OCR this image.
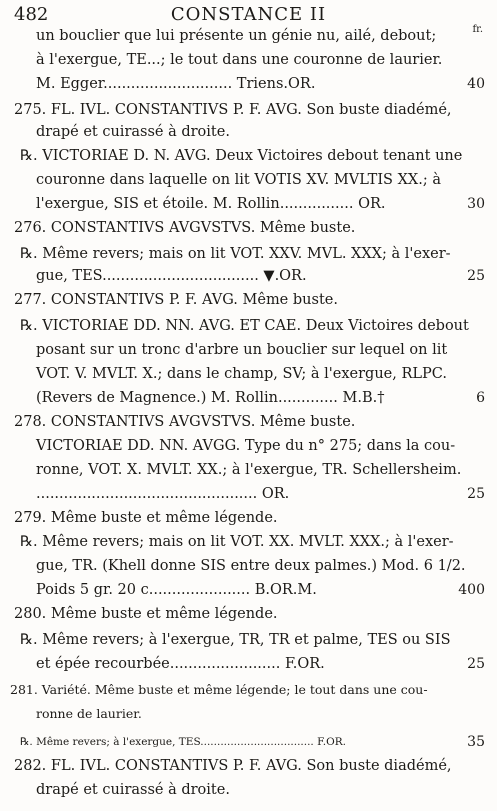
482	CONSTANCE II
un bouclier que lui présente un génie nu, ailé, debout;	fr.
à l'exergue, TE...; le tout dans une couronne de laurier.
M. Egger............................ Triens.OR.	40
275. FL. IVL. CONSTANTIVS P. F. AVG. Son buste diadémé,
drapé et cuirassé à droite.
℞. VICTORIAE D. N. AVG. Deux Victoires debout tenant une
couronne dans laquelle on lit VOTIS XV. MVLTIS XX.; à
l'exergue, SIS et étoile. M. Rollin................ OR.	30
276. CONSTANTIVS AVGVSTVS. Même buste.
℞. Même revers; mais on lit VOT. XXV. MVL. XXX; à l'exer-
gue, TES.................................. ▼.OR.	25
277. CONSTANTIVS P. F. AVG. Même buste.
℞. VICTORIAE DD. NN. AVG. ET CAE. Deux Victoires debout
posant sur un tronc d'arbre un bouclier sur lequel on lit
VOT. V. MVLT. X.; dans le champ, SV; à l'exergue, RLPC.
(Revers de Magnence.) M. Rollin............. M.B.†	6
278. CONSTANTIVS AVGVSTVS. Même buste.
VICTORIAE DD. NN. AVGG. Type du n° 275; dans la cou-
ronne, VOT. X. MVLT. XX.; à l'exergue, TR. Schellersheim.
................................................ OR.	25
279. Même buste et même légende.
℞. Même revers; mais on lit VOT. XX. MVLT. XXX.; à l'exer-
gue, TR. (Khell donne SIS entre deux palmes.) Mod. 6 1/2.
Poids 5 gr. 20 c...................... B.OR.M.	400
280. Même buste et même légende.
℞. Même revers; à l'exergue, TR, TR et palme, TES ou SIS
et épée recourbée........................ F.OR.	25
281. Variété. Même buste et même légende; le tout dans une cou-
ronne de laurier.
℞. Même revers; à l'exergue, TES.................................. F.OR.	35
282. FL. IVL. CONSTANTIVS P. F. AVG. Son buste diadémé,
drapé et cuirassé à droite.
